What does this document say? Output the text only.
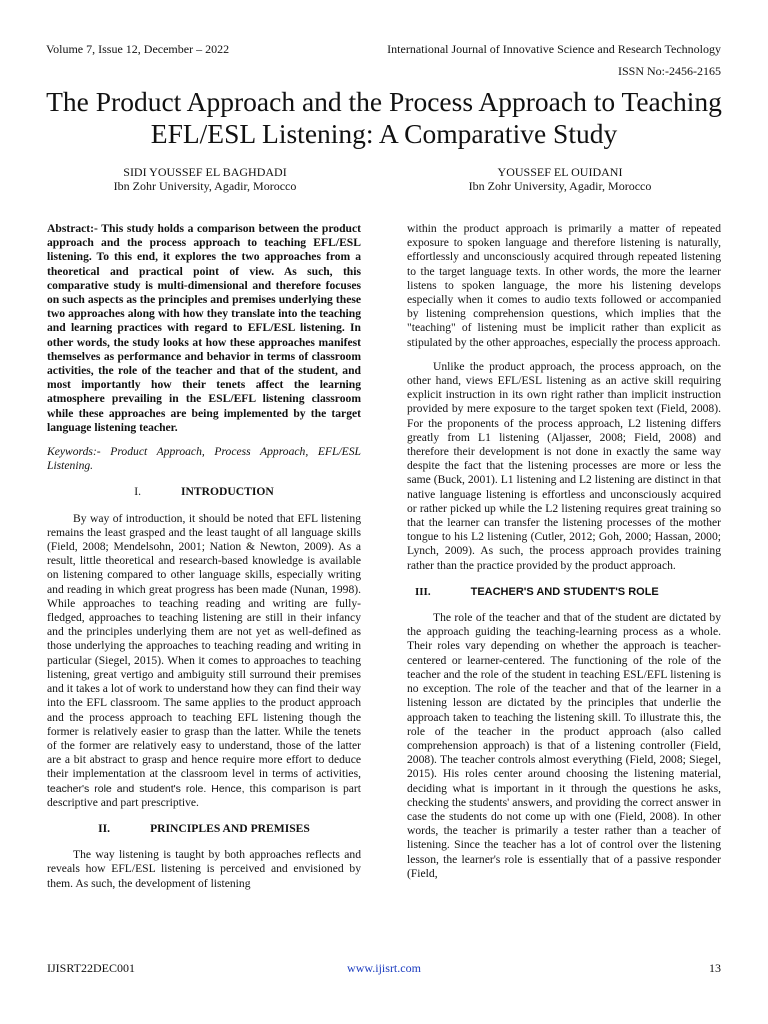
Volume 7, Issue 12, December – 2022	International Journal of Innovative Science and Research Technology
ISSN No:-2456-2165
The Product Approach and the Process Approach to Teaching EFL/ESL Listening: A Comparative Study
SIDI YOUSSEF EL BAGHDADI
Ibn Zohr University, Agadir, Morocco
YOUSSEF EL OUIDANI
Ibn Zohr University, Agadir, Morocco

Abstract:- This study holds a comparison between the product approach and the process approach to teaching EFL/ESL listening. To this end, it explores the two approaches from a theoretical and practical point of view. As such, this comparative study is multi-dimensional and therefore focuses on such aspects as the principles and premises underlying these two approaches along with how they translate into the teaching and learning practices with regard to EFL/ESL listening. In other words, the study looks at how these approaches manifest themselves as performance and behavior in terms of classroom activities, the role of the teacher and that of the student, and most importantly how their tenets affect the learning atmosphere prevailing in the ESL/EFL listening classroom while these approaches are being implemented by the target language listening teacher.

Keywords:- Product Approach, Process Approach, EFL/ESL Listening.

I.	INTRODUCTION

By way of introduction, it should be noted that EFL listening remains the least grasped and the least taught of all language skills (Field, 2008; Mendelsohn, 2001; Nation & Newton, 2009). As a result, little theoretical and research-based knowledge is available on listening compared to other language skills, especially writing and reading in which great progress has been made (Nunan, 1998). While approaches to teaching reading and writing are fully-fledged, approaches to teaching listening are still in their infancy and the principles underlying them are not yet as well-defined as those underlying the approaches to teaching reading and writing in particular (Siegel, 2015). When it comes to approaches to teaching listening, great vertigo and ambiguity still surround their premises and it takes a lot of work to understand how they can find their way into the EFL classroom. The same applies to the product approach and the process approach to teaching EFL listening though the former is relatively easier to grasp than the latter. While the tenets of the former are relatively easy to understand, those of the latter are a bit abstract to grasp and hence require more effort to deduce their implementation at the classroom level in terms of activities, teacher's role and student's role. Hence, this comparison is part descriptive and part prescriptive.

II.	PRINCIPLES AND PREMISES

The way listening is taught by both approaches reflects and reveals how EFL/ESL listening is perceived and envisioned by them. As such, the development of listening

within the product approach is primarily a matter of repeated exposure to spoken language and therefore listening is naturally, effortlessly and unconsciously acquired through repeated listening to the target language texts. In other words, the more the learner listens to spoken language, the more his listening develops especially when it comes to audio texts followed or accompanied by listening comprehension questions, which implies that the "teaching" of listening must be implicit rather than explicit as stipulated by the other approaches, especially the process approach.

Unlike the product approach, the process approach, on the other hand, views EFL/ESL listening as an active skill requiring explicit instruction in its own right rather than implicit instruction provided by mere exposure to the target spoken text (Field, 2008). For the proponents of the process approach, L2 listening differs greatly from L1 listening (Aljasser, 2008; Field, 2008) and therefore their development is not done in exactly the same way despite the fact that the listening processes are more or less the same (Buck, 2001). L1 listening and L2 listening are distinct in that native language listening is effortless and unconsciously acquired or rather picked up while the L2 listening requires great training so that the learner can transfer the listening processes of the mother tongue to his L2 listening (Cutler, 2012; Goh, 2000; Hassan, 2000; Lynch, 2009). As such, the process approach provides training rather than the practice provided by the product approach.

III.	TEACHER'S AND STUDENT'S ROLE

The role of the teacher and that of the student are dictated by the approach guiding the teaching-learning process as a whole. Their roles vary depending on whether the approach is teacher-centered or learner-centered. The functioning of the role of the teacher and the role of the student in teaching ESL/EFL listening is no exception. The role of the teacher and that of the learner in a listening lesson are dictated by the principles that underlie the approach taken to teaching the listening skill. To illustrate this, the role of the teacher in the product approach (also called comprehension approach) is that of a listening controller (Field, 2008). The teacher controls almost everything (Field, 2008; Siegel, 2015). His roles center around choosing the listening material, deciding what is important in it through the questions he asks, checking the students' answers, and providing the correct answer in case the students do not come up with one (Field, 2008). In other words, the teacher is primarily a tester rather than a teacher of listening. Since the teacher has a lot of control over the listening lesson, the learner's role is essentially that of a passive responder (Field,

IJISRT22DEC001	www.ijisrt.com	13
